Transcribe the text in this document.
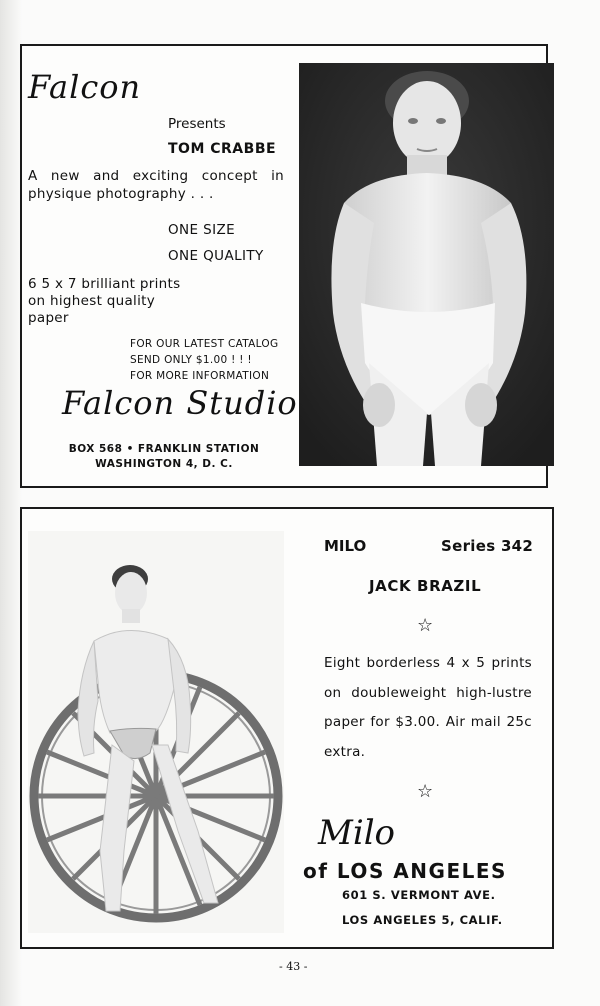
Falcon
Presents
TOM CRABBE
A new and exciting concept in physique photography . . .
ONE SIZE
ONE QUALITY
6 5 x 7 brilliant prints on highest quality paper
FOR OUR LATEST CATALOG
SEND ONLY $1.00 ! ! !
FOR MORE INFORMATION
Falcon Studio
BOX 568 • FRANKLIN STATION
WASHINGTON 4, D. C.
MILO	Series 342
JACK BRAZIL
☆
Eight borderless 4 x 5 prints on doubleweight high-lustre paper for $3.00. Air mail 25c extra.
☆
Milo
of LOS ANGELES
601 S. VERMONT AVE.
LOS ANGELES 5, CALIF.
- 43 -
